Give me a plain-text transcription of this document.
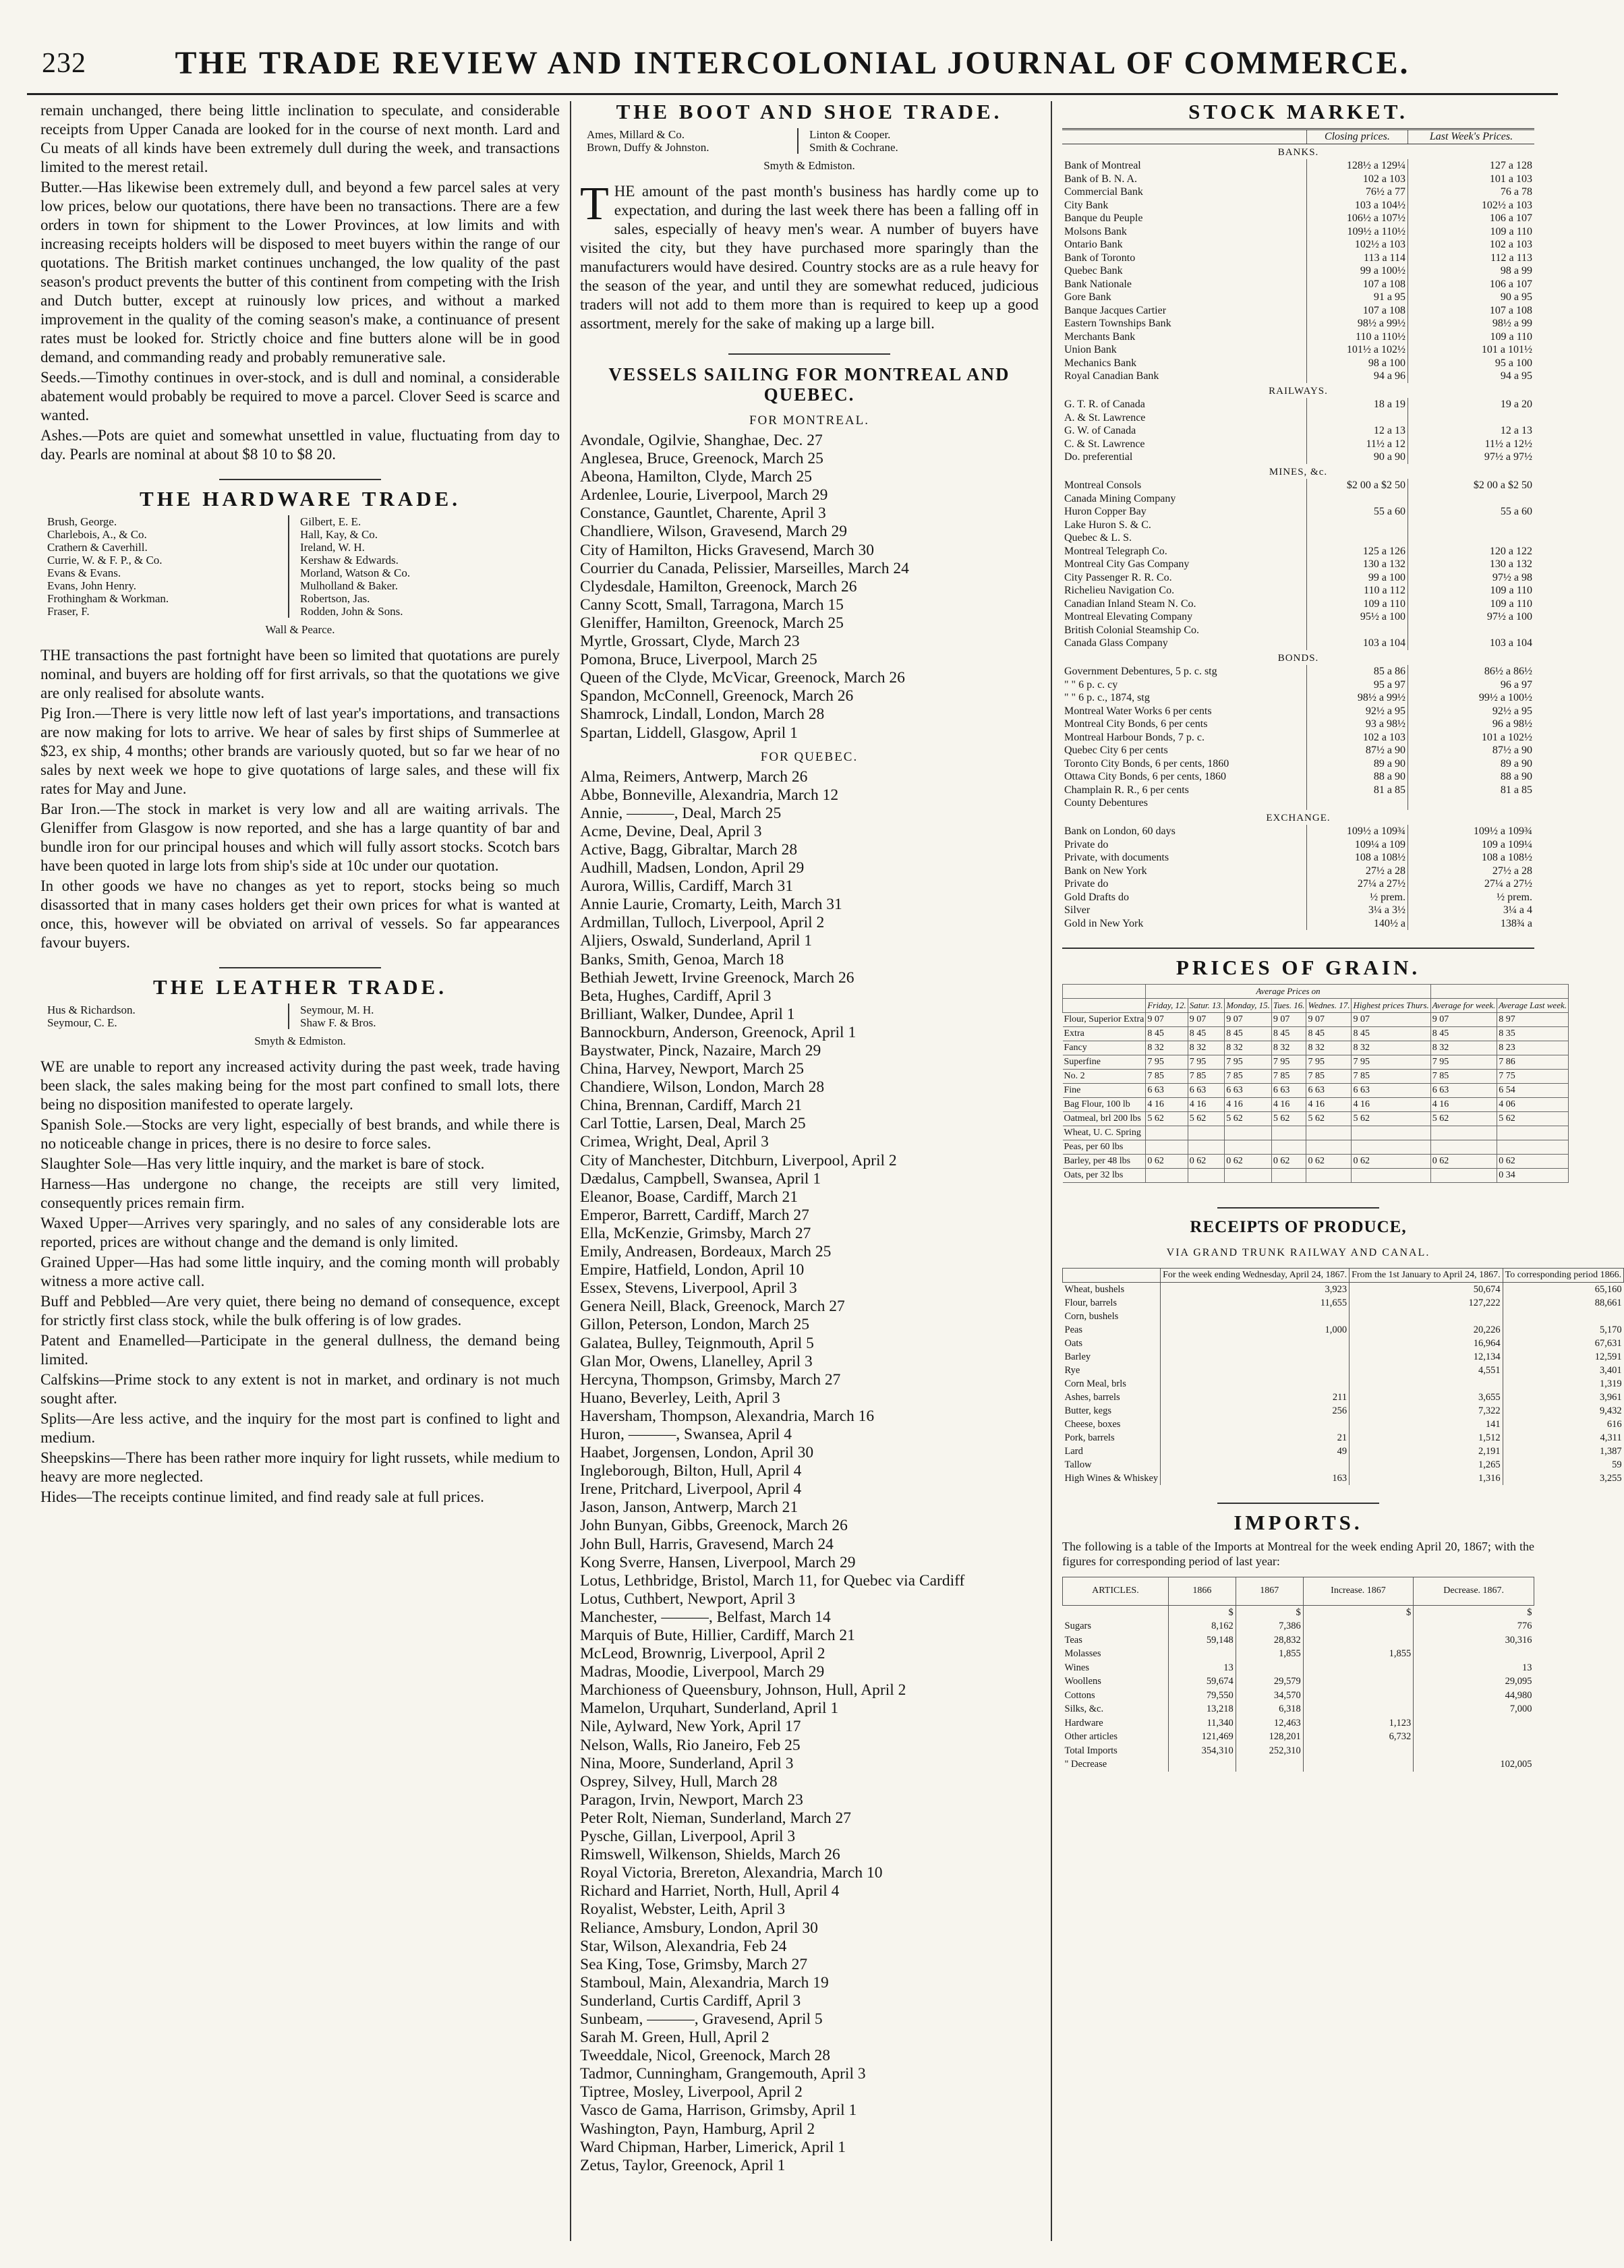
232	THE TRADE REVIEW AND INTERCOLONIAL JOURNAL OF COMMERCE.

remain unchanged, there being little inclination to speculate, and considerable receipts from Upper Canada are looked for in the course of next month. Lard and Cu meats of all kinds have been extremely dull during the week, and transactions limited to the merest retail.

Butter.—Has likewise been extremely dull, and beyond a few parcel sales at very low prices, below our quotations, there have been no transactions. There are a few orders in town for shipment to the Lower Provinces, at low limits and with increasing receipts holders will be disposed to meet buyers within the range of our quotations. The British market continues unchanged, the low quality of the past season's product prevents the butter of this continent from competing with the Irish and Dutch butter, except at ruinously low prices, and without a marked improvement in the quality of the coming season's make, a continuance of present rates must be looked for. Strictly choice and fine butters alone will be in good demand, and commanding ready and probably remunerative sale.

Seeds.—Timothy continues in over-stock, and is dull and nominal, a considerable abatement would probably be required to move a parcel. Clover Seed is scarce and wanted.

Ashes.—Pots are quiet and somewhat unsettled in value, fluctuating from day to day. Pearls are nominal at about $8 10 to $8 20.

THE HARDWARE TRADE.
Brush, George.	Gilbert, E. E.
Charlebois, A., & Co.	Hall, Kay, & Co.
Crathern & Caverhill.	Ireland, W. H.
Currie, W. & F. P., & Co.	Kershaw & Edwards.
Evans & Evans.	Morland, Watson & Co.
Evans, John Henry.	Mulholland & Baker.
Frothingham & Workman.	Robertson, Jas.
Fraser, F.	Rodden, John & Sons.
Wall & Pearce.

THE transactions the past fortnight have been so limited that quotations are purely nominal, and buyers are holding off for first arrivals, so that the quotations we give are only realised for absolute wants.

Pig Iron.—There is very little now left of last year's importations, and transactions are now making for lots to arrive. We hear of sales by first ships of Summerlee at $23, ex ship, 4 months; other brands are variously quoted, but so far we hear of no sales by next week we hope to give quotations of large sales, and these will fix rates for May and June.

Bar Iron.—The stock in market is very low and all are waiting arrivals. The Gleniffer from Glasgow is now reported, and she has a large quantity of bar and bundle iron for our principal houses and which will fully assort stocks. Scotch bars have been quoted in large lots from ship's side at 10c under our quotation.

In other goods we have no changes as yet to report, stocks being so much disassorted that in many cases holders get their own prices for what is wanted at once, this, however will be obviated on arrival of vessels. So far appearances favour buyers.

THE LEATHER TRADE.
Hus & Richardson.	Seymour, M. H.
Seymour, C. E.	Shaw F. & Bros.
Smyth & Edmiston.

WE are unable to report any increased activity during the past week, trade having been slack, the sales making being for the most part confined to small lots, there being no disposition manifested to operate largely.

Spanish Sole.—Stocks are very light, especially of best brands, and while there is no noticeable change in prices, there is no desire to force sales.

Slaughter Sole—Has very little inquiry, and the market is bare of stock.

Harness—Has undergone no change, the receipts are still very limited, consequently prices remain firm.

Waxed Upper—Arrives very sparingly, and no sales of any considerable lots are reported, prices are without change and the demand is only limited.

Grained Upper—Has had some little inquiry, and the coming month will probably witness a more active call.

Buff and Pebbled—Are very quiet, there being no demand of consequence, except for strictly first class stock, while the bulk offering is of low grades.

Patent and Enamelled—Participate in the general dullness, the demand being limited.

Calfskins—Prime stock to any extent is not in market, and ordinary is not much sought after.

Splits—Are less active, and the inquiry for the most part is confined to light and medium.

Sheepskins—There has been rather more inquiry for light russets, while medium to heavy are more neglected.

Hides—The receipts continue limited, and find ready sale at full prices.

THE BOOT AND SHOE TRADE.
Ames, Millard & Co.	Linton & Cooper.
Brown, Duffy & Johnston.	Smith & Cochrane.
Smyth & Edmiston.

THE amount of the past month's business has hardly come up to expectation, and during the last week there has been a falling off in sales, especially of heavy men's wear. A number of buyers have visited the city, but they have purchased more sparingly than the manufacturers would have desired. Country stocks are as a rule heavy for the season of the year, and until they are somewhat reduced, judicious traders will not add to them more than is required to keep up a good assortment, merely for the sake of making up a large bill.

VESSELS SAILING FOR MONTREAL AND QUEBEC.
FOR MONTREAL.
Avondale, Ogilvie, Shanghae, Dec. 27
Anglesea, Bruce, Greenock, March 25
Abeona, Hamilton, Clyde, March 25
Ardenlee, Lourie, Liverpool, March 29
Constance, Gauntlet, Charente, April 3
Chandliere, Wilson, Gravesend, March 29
City of Hamilton, Hicks Gravesend, March 30
Courrier du Canada, Pelissier, Marseilles, March 24
Clydesdale, Hamilton, Greenock, March 26
Canny Scott, Small, Tarragona, March 15
Gleniffer, Hamilton, Greenock, March 25
Myrtle, Grossart, Clyde, March 23
Pomona, Bruce, Liverpool, March 25
Queen of the Clyde, McVicar, Greenock, March 26
Spandon, McConnell, Greenock, March 26
Shamrock, Lindall, London, March 28
Spartan, Liddell, Glasgow, April 1
FOR QUEBEC.
Alma, Reimers, Antwerp, March 26
Abbe, Bonneville, Alexandria, March 12
Annie, ———, Deal, March 25
Acme, Devine, Deal, April 3
Active, Bagg, Gibraltar, March 28
Audhill, Madsen, London, April 29
Aurora, Willis, Cardiff, March 31
Annie Laurie, Cromarty, Leith, March 31
Ardmillan, Tulloch, Liverpool, April 2
Aljiers, Oswald, Sunderland, April 1
Banks, Smith, Genoa, March 18
Bethiah Jewett, Irvine Greenock, March 26
Beta, Hughes, Cardiff, April 3
Brilliant, Walker, Dundee, April 1
Bannockburn, Anderson, Greenock, April 1
Baystwater, Pinck, Nazaire, March 29
China, Harvey, Newport, March 25
Chandiere, Wilson, London, March 28
China, Brennan, Cardiff, March 21
Carl Tottie, Larsen, Deal, March 25
Crimea, Wright, Deal, April 3
City of Manchester, Ditchburn, Liverpool, April 2
Dædalus, Campbell, Swansea, April 1
Eleanor, Boase, Cardiff, March 21
Emperor, Barrett, Cardiff, March 27
Ella, McKenzie, Grimsby, March 27
Emily, Andreasen, Bordeaux, March 25
Empire, Hatfield, London, April 10
Essex, Stevens, Liverpool, April 3
Genera Neill, Black, Greenock, March 27
Gillon, Peterson, London, March 25
Galatea, Bulley, Teignmouth, April 5
Glan Mor, Owens, Llanelley, April 3
Hercyna, Thompson, Grimsby, March 27
Huano, Beverley, Leith, April 3
Haversham, Thompson, Alexandria, March 16
Huron, ———, Swansea, April 4
Haabet, Jorgensen, London, April 30
Ingleborough, Bilton, Hull, April 4
Irene, Pritchard, Liverpool, April 4
Jason, Janson, Antwerp, March 21
John Bunyan, Gibbs, Greenock, March 26
John Bull, Harris, Gravesend, March 24
Kong Sverre, Hansen, Liverpool, March 29
Lotus, Lethbridge, Bristol, March 11, for Quebec via Cardiff
Lotus, Cuthbert, Newport, April 3
Manchester, ———, Belfast, March 14
Marquis of Bute, Hillier, Cardiff, March 21
McLeod, Brownrig, Liverpool, April 2
Madras, Moodie, Liverpool, March 29
Marchioness of Queensbury, Johnson, Hull, April 2
Mamelon, Urquhart, Sunderland, April 1
Nile, Aylward, New York, April 17
Nelson, Walls, Rio Janeiro, Feb 25
Nina, Moore, Sunderland, April 3
Osprey, Silvey, Hull, March 28
Paragon, Irvin, Newport, March 23
Peter Rolt, Nieman, Sunderland, March 27
Pysche, Gillan, Liverpool, April 3
Rimswell, Wilkenson, Shields, March 26
Royal Victoria, Brereton, Alexandria, March 10
Richard and Harriet, North, Hull, April 4
Royalist, Webster, Leith, April 3
Reliance, Amsbury, London, April 30
Star, Wilson, Alexandria, Feb 24
Sea King, Tose, Grimsby, March 27
Stamboul, Main, Alexandria, March 19
Sunderland, Curtis Cardiff, April 3
Sunbeam, ———, Gravesend, April 5
Sarah M. Green, Hull, April 2
Tweeddale, Nicol, Greenock, March 28
Tadmor, Cunningham, Grangemouth, April 3
Tiptree, Mosley, Liverpool, April 2
Vasco de Gama, Harrison, Grimsby, April 1
Washington, Payn, Hamburg, April 2
Ward Chipman, Harber, Limerick, April 1
Zetus, Taylor, Greenock, April 1
STOCK MARKET.
	Closing prices.	Last Week's Prices.
BANKS.		
Bank of Montreal	128½ a 129¼	127 a 128
Bank of B. N. A.	102 a 103	101 a 103
Commercial Bank	76½ a 77	76 a 78
City Bank	103 a 104½	102½ a 103
Banque du Peuple	106½ a 107½	106 a 107
Molsons Bank	109½ a 110½	109 a 110
Ontario Bank	102½ a 103	102 a 103
Bank of Toronto	113 a 114	112 a 113
Quebec Bank	99 a 100½	98 a 99
Bank Nationale	107 a 108	106 a 107
Gore Bank	91 a 95	90 a 95
Banque Jacques Cartier	107 a 108	107 a 108
Eastern Townships Bank	98½ a 99½	98½ a 99
Merchants Bank	110 a 110½	109 a 110
Union Bank	101½ a 102½	101 a 101½
Mechanics Bank	98 a 100	95 a 100
Royal Canadian Bank	94 a 96	94 a 95
RAILWAYS.		
G. T. R. of Canada	18 a 19	19 a 20
A. & St. Lawrence		
G. W. of Canada	12 a 13	12 a 13
C. & St. Lawrence	11½ a 12	11½ a 12½
Do. preferential	90 a 90	97½ a 97½
MINES, &c.		
Montreal Consols	$2 00 a $2 50	$2 00 a $2 50
Canada Mining Company		
Huron Copper Bay	55 a 60	55 a 60
Lake Huron S. & C.		
Quebec & L. S.		
Montreal Telegraph Co.	125 a 126	120 a 122
Montreal City Gas Company	130 a 132	130 a 132
City Passenger R. R. Co.	99 a 100	97½ a 98
Richelieu Navigation Co.	110 a 112	109 a 110
Canadian Inland Steam N. Co.	109 a 110	109 a 110
Montreal Elevating Company	95½ a 100	97½ a 100
British Colonial Steamship Co.		
Canada Glass Company	103 a 104	103 a 104
BONDS.		
Government Debentures, 5 p. c. stg	85 a 86	86½ a 86½
" " 6 p. c. cy	95 a 97	96 a 97
" " 6 p. c., 1874, stg	98½ a 99½	99½ a 100½
Montreal Water Works 6 per cents	92½ a 95	92½ a 95
Montreal City Bonds, 6 per cents	93 a 98½	96 a 98½
Montreal Harbour Bonds, 7 p. c.	102 a 103	101 a 102½
Quebec City 6 per cents	87½ a 90	87½ a 90
Toronto City Bonds, 6 per cents, 1860	89 a 90	89 a 90
Ottawa City Bonds, 6 per cents, 1860	88 a 90	88 a 90
Champlain R. R., 6 per cents	81 a 85	81 a 85
County Debentures		
EXCHANGE.		
Bank on London, 60 days	109½ a 109¾	109½ a 109¾
Private do	109¼ a 109	109 a 109¼
Private, with documents	108 a 108½	108 a 108½
Bank on New York	27½ a 28	27½ a 28
Private do	27¼ a 27½	27¼ a 27½
Gold Drafts do	½ prem.	½ prem.
Silver	3¼ a 3½	3¼ a 4
Gold in New York	140½ a	138¾ a
PRICES OF GRAIN.
	Average Prices on							
	Friday, 12.	Satur. 13.	Monday, 15.	Tues. 16.	Wednes. 17.	Highest prices Thurs.	Average for week.	Average Last week.
Flour, Superior Extra	9 07	9 07	9 07	9 07	9 07	9 07	9 07	8 97
Extra	8 45	8 45	8 45	8 45	8 45	8 45	8 45	8 35
Fancy	8 32	8 32	8 32	8 32	8 32	8 32	8 32	8 23
Superfine	7 95	7 95	7 95	7 95	7 95	7 95	7 95	7 86
No. 2	7 85	7 85	7 85	7 85	7 85	7 85	7 85	7 75
Fine	6 63	6 63	6 63	6 63	6 63	6 63	6 63	6 54
Bag Flour, 100 lb	4 16	4 16	4 16	4 16	4 16	4 16	4 16	4 06
Oatmeal, brl 200 lbs	5 62	5 62	5 62	5 62	5 62	5 62	5 62	5 62
Wheat, U. C. Spring								
Peas, per 60 lbs								
Barley, per 48 lbs	0 62	0 62	0 62	0 62	0 62	0 62	0 62	0 62
Oats, per 32 lbs								0 34
RECEIPTS OF PRODUCE,
VIA GRAND TRUNK RAILWAY AND CANAL.
	For the week ending Wednesday, April 24, 1867.	From the 1st January to April 24, 1867.	To corresponding period 1866.
Wheat, bushels	3,923	50,674	65,160
Flour, barrels	11,655	127,222	88,661
Corn, bushels			
Peas	1,000	20,226	5,170
Oats		16,964	67,631
Barley		12,134	12,591
Rye		4,551	3,401
Corn Meal, brls			1,319
Ashes, barrels	211	3,655	3,961
Butter, kegs	256	7,322	9,432
Cheese, boxes		141	616
Pork, barrels	21	1,512	4,311
Lard	49	2,191	1,387
Tallow		1,265	59
High Wines & Whiskey	163	1,316	3,255
IMPORTS.
The following is a table of the Imports at Montreal for the week ending April 20, 1867; with the figures for corresponding period of last year:
ARTICLES.	1866	1867	Increase. 1867	Decrease. 1867.
	$	$	$	$
Sugars	8,162	7,386		776
Teas	59,148	28,832		30,316
Molasses		1,855	1,855	
Wines	13			13
Woollens	59,674	29,579		29,095
Cottons	79,550	34,570		44,980
Silks, &c.	13,218	6,318		7,000
Hardware	11,340	12,463	1,123	
Other articles	121,469	128,201	6,732	
Total Imports	354,310	252,310		
" Decrease				102,005
